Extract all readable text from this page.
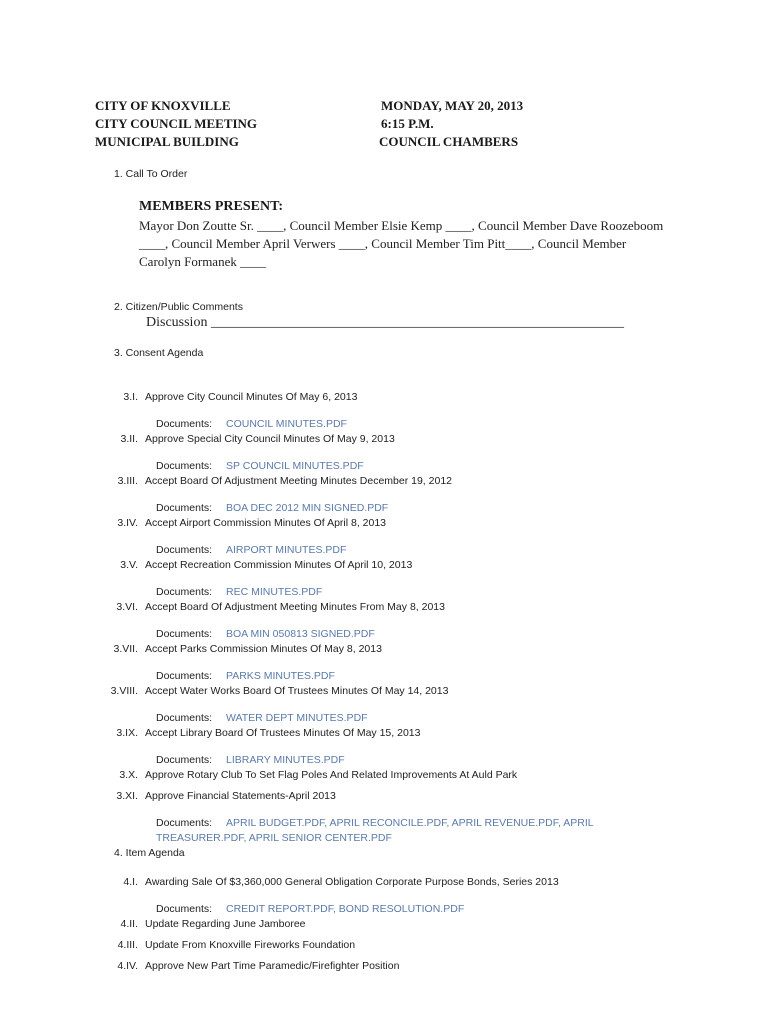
CITY OF KNOXVILLE
CITY COUNCIL MEETING
MUNICIPAL BUILDING
MONDAY, MAY 20, 2013
6:15 P.M.
COUNCIL CHAMBERS
1. Call To Order
MEMBERS PRESENT:
Mayor Don Zoutte Sr. ____, Council Member Elsie Kemp ____, Council Member Dave Roozeboom ____, Council Member April Verwers ____, Council Member Tim Pitt____, Council Member Carolyn Formanek ____
2. Citizen/Public Comments
Discussion ___________________________________________________________
3. Consent Agenda
3.I. Approve City Council Minutes Of May 6, 2013
Documents: COUNCIL MINUTES.PDF
3.II. Approve Special City Council Minutes Of May 9, 2013
Documents: SP COUNCIL MINUTES.PDF
3.III. Accept Board Of Adjustment Meeting Minutes December 19, 2012
Documents: BOA DEC 2012 MIN SIGNED.PDF
3.IV. Accept Airport Commission Minutes Of April 8, 2013
Documents: AIRPORT MINUTES.PDF
3.V. Accept Recreation Commission Minutes Of April 10, 2013
Documents: REC MINUTES.PDF
3.VI. Accept Board Of Adjustment Meeting Minutes From May 8, 2013
Documents: BOA MIN 050813 SIGNED.PDF
3.VII. Accept Parks Commission Minutes Of May 8, 2013
Documents: PARKS MINUTES.PDF
3.VIII. Accept Water Works Board Of Trustees Minutes Of May 14, 2013
Documents: WATER DEPT MINUTES.PDF
3.IX. Accept Library Board Of Trustees Minutes Of May 15, 2013
Documents: LIBRARY MINUTES.PDF
3.X. Approve Rotary Club To Set Flag Poles And Related Improvements At Auld Park
3.XI. Approve Financial Statements-April 2013
Documents: APRIL BUDGET.PDF, APRIL RECONCILE.PDF, APRIL REVENUE.PDF, APRIL
TREASURER.PDF, APRIL SENIOR CENTER.PDF
4. Item Agenda
4.I. Awarding Sale Of $3,360,000 General Obligation Corporate Purpose Bonds, Series 2013
Documents: CREDIT REPORT.PDF, BOND RESOLUTION.PDF
4.II. Update Regarding June Jamboree
4.III. Update From Knoxville Fireworks Foundation
4.IV. Approve New Part Time Paramedic/Firefighter Position
